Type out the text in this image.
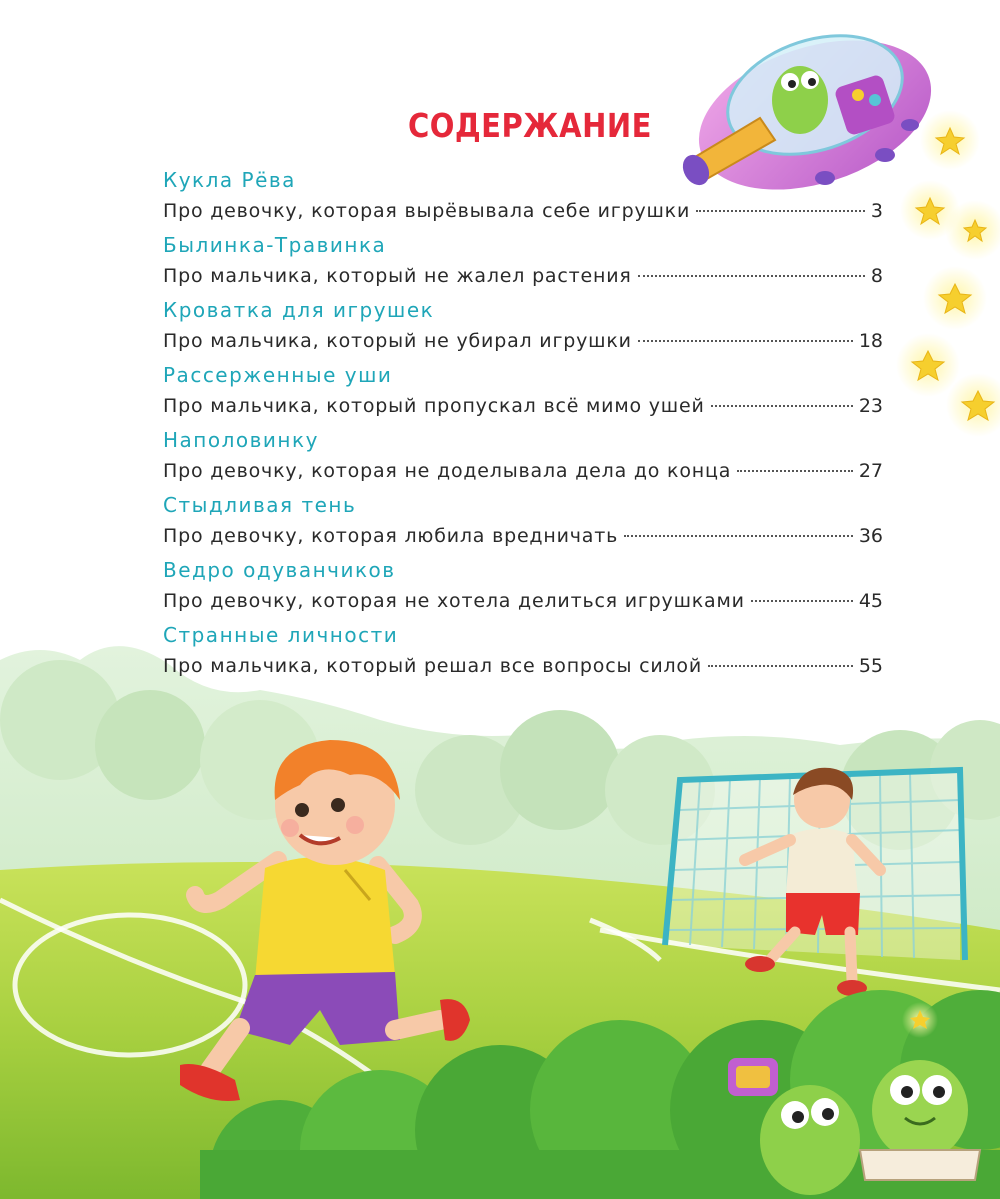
СОДЕРЖАНИЕ
Кукла Рёва
Про девочку, которая вырёвывала себе игрушки	3
Былинка-Травинка
Про мальчика, который не жалел растения	8
Кроватка для игрушек
Про мальчика, который не убирал игрушки	18
Рассерженные уши
Про мальчика, который пропускал всё мимо ушей	23
Наполовинку
Про девочку, которая не доделывала дела до конца	27
Стыдливая тень
Про девочку, которая любила вредничать	36
Ведро одуванчиков
Про девочку, которая не хотела делиться игрушками	45
Странные личности
Про мальчика, который решал все вопросы силой	55
